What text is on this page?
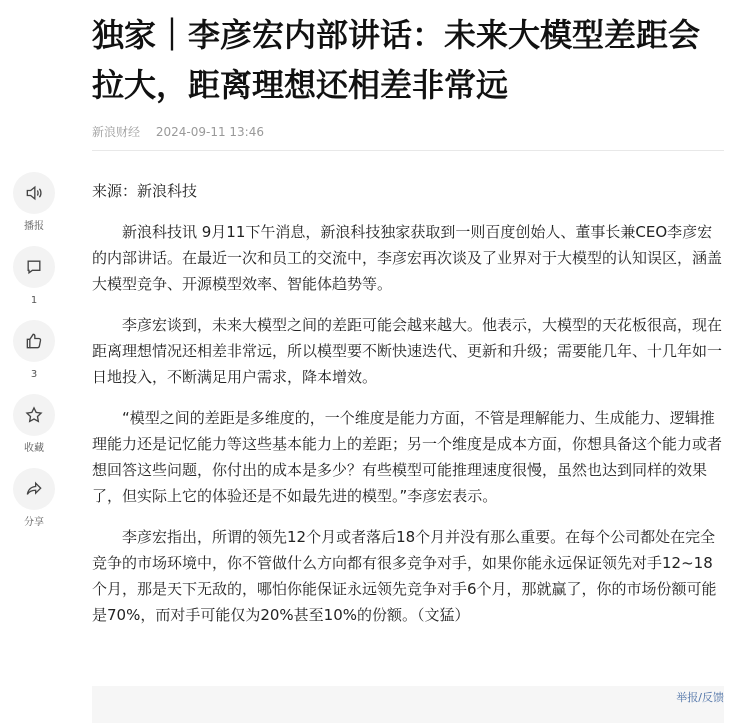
独家｜李彦宏内部讲话：未来大模型差距会拉大，距离理想还相差非常远
新浪财经 2024-09-11 13:46
播报
1
3
收藏
分享

来源：新浪科技

新浪科技讯 9月11下午消息，新浪科技独家获取到一则百度创始人、董事长兼CEO李彦宏的内部讲话。在最近一次和员工的交流中，李彦宏再次谈及了业界对于大模型的认知误区，涵盖大模型竞争、开源模型效率、智能体趋势等。

李彦宏谈到，未来大模型之间的差距可能会越来越大。他表示，大模型的天花板很高，现在距离理想情况还相差非常远，所以模型要不断快速迭代、更新和升级；需要能几年、十几年如一日地投入，不断满足用户需求，降本增效。

“模型之间的差距是多维度的，一个维度是能力方面，不管是理解能力、生成能力、逻辑推理能力还是记忆能力等这些基本能力上的差距；另一个维度是成本方面，你想具备这个能力或者想回答这些问题，你付出的成本是多少？有些模型可能推理速度很慢，虽然也达到同样的效果了，但实际上它的体验还是不如最先进的模型。”李彦宏表示。

李彦宏指出，所谓的领先12个月或者落后18个月并没有那么重要。在每个公司都处在完全竞争的市场环境中，你不管做什么方向都有很多竞争对手，如果你能永远保证领先对手12~18个月，那是天下无敌的，哪怕你能保证永远领先竞争对手6个月，那就赢了，你的市场份额可能是70%，而对手可能仅为20%甚至10%的份额。（文猛）

举报/反馈
